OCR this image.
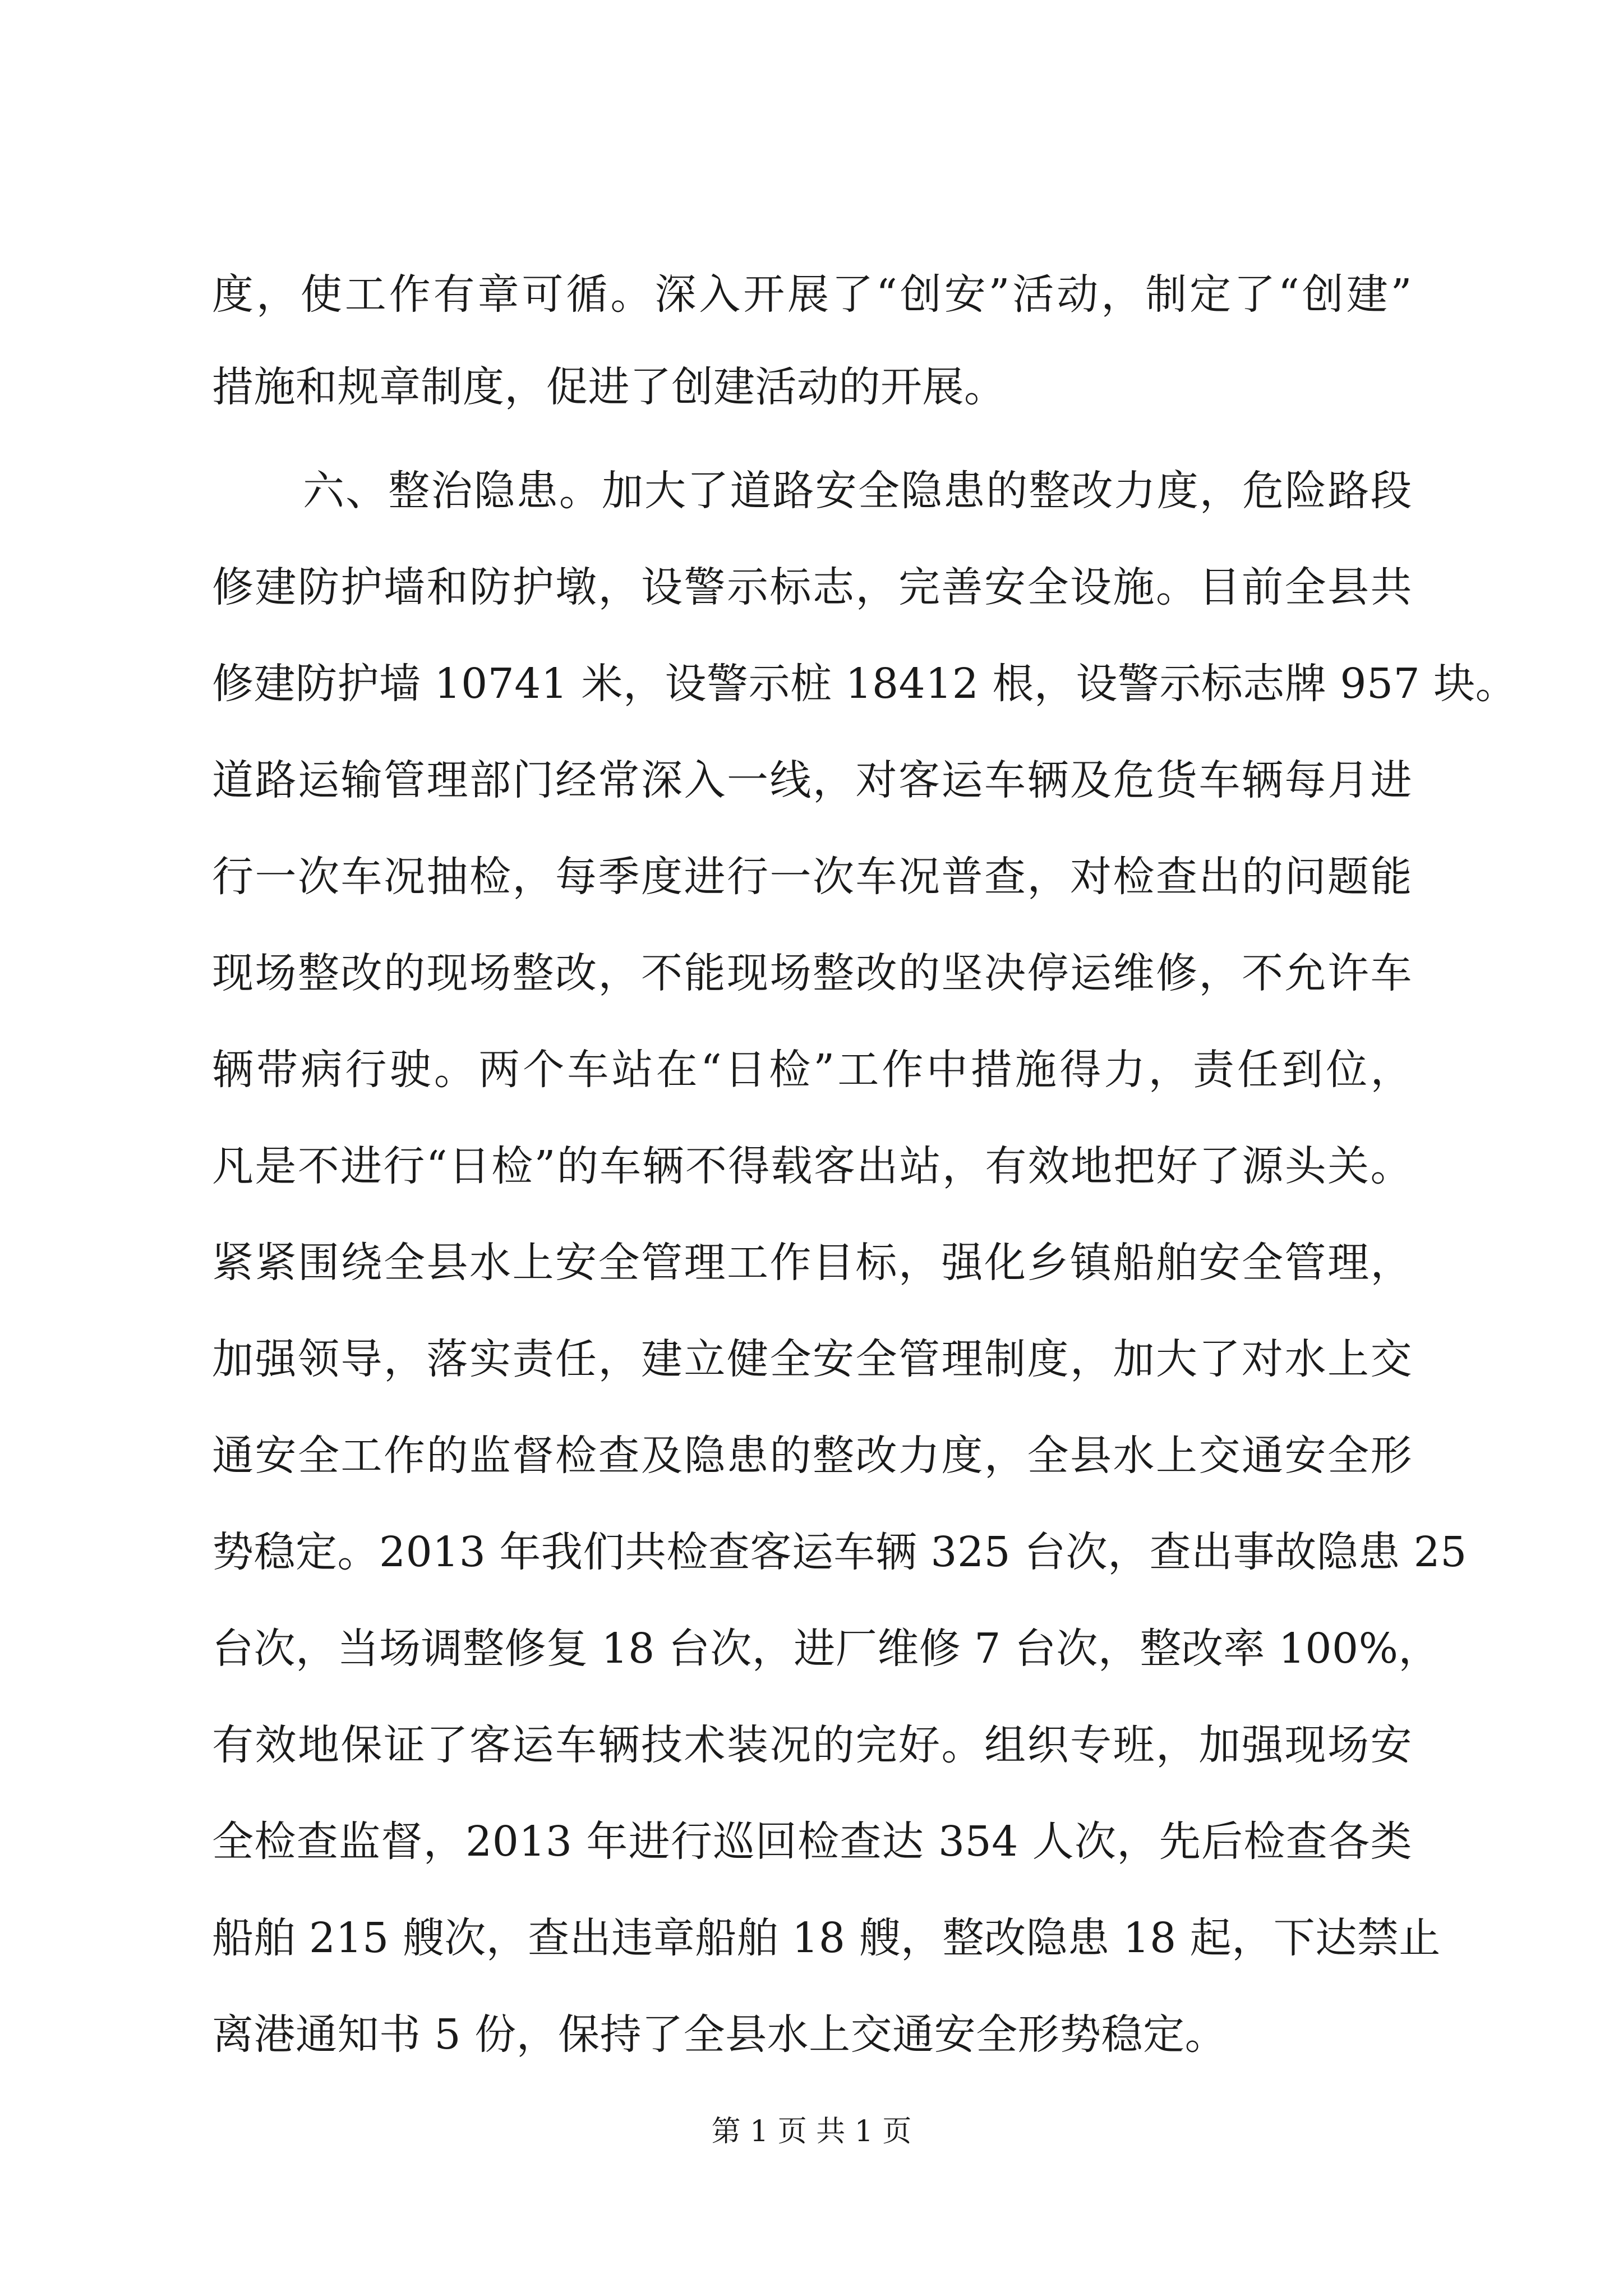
度，使工作有章可循。深入开展了“创安”活动，制定了“创建”
措施和规章制度，促进了创建活动的开展。
六、整治隐患。加大了道路安全隐患的整改力度，危险路段
修建防护墙和防护墩，设警示标志，完善安全设施。目前全县共
修建防护墙 10741 米，设警示桩 18412 根，设警示标志牌 957 块。
道路运输管理部门经常深入一线，对客运车辆及危货车辆每月进
行一次车况抽检，每季度进行一次车况普查，对检查出的问题能
现场整改的现场整改，不能现场整改的坚决停运维修，不允许车
辆带病行驶。两个车站在“日检”工作中措施得力，责任到位，
凡是不进行“日检”的车辆不得载客出站，有效地把好了源头关。
紧紧围绕全县水上安全管理工作目标，强化乡镇船舶安全管理，
加强领导，落实责任，建立健全安全管理制度，加大了对水上交
通安全工作的监督检查及隐患的整改力度，全县水上交通安全形
势稳定。2013 年我们共检查客运车辆 325 台次，查出事故隐患 25
台次，当场调整修复 18 台次，进厂维修 7 台次，整改率 100%，
有效地保证了客运车辆技术装况的完好。组织专班，加强现场安
全检查监督，2013 年进行巡回检查达 354 人次，先后检查各类
船舶 215 艘次，查出违章船舶 18 艘，整改隐患 18 起，下达禁止
离港通知书 5 份，保持了全县水上交通安全形势稳定。
第 1 页 共 1 页
